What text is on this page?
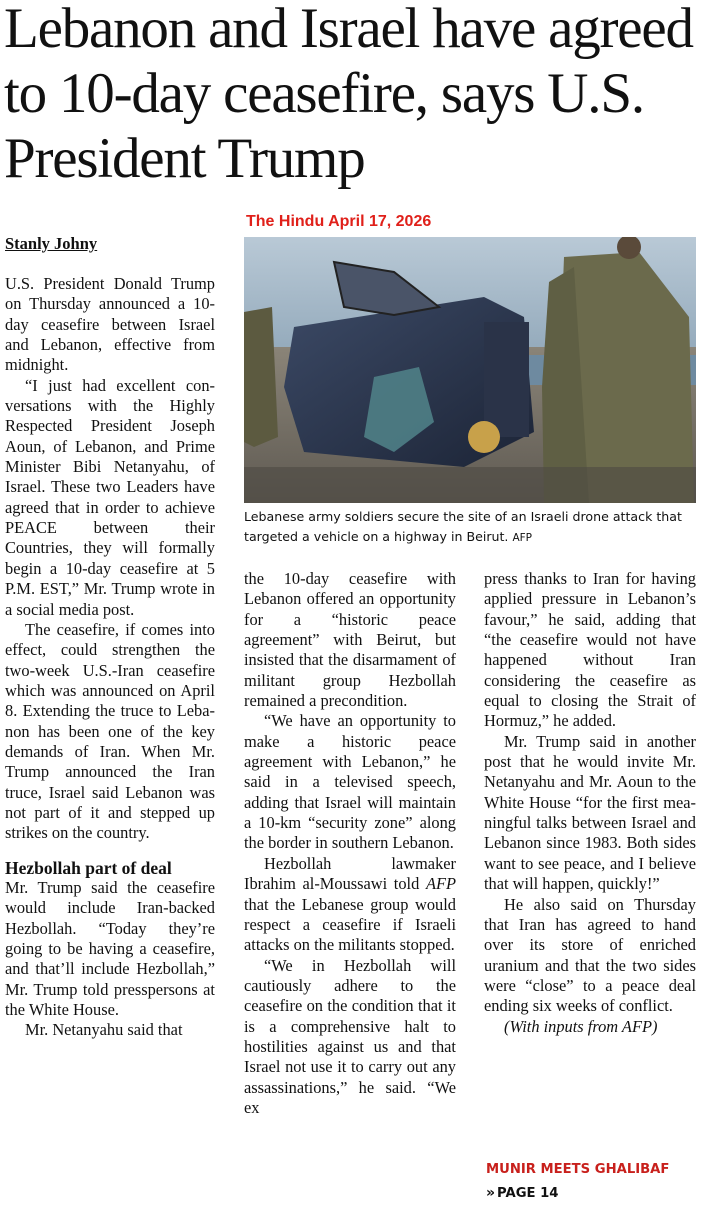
Lebanon and Israel have agreed to 10-day ceasefire, says U.S. President Trump

The Hindu April 17, 2026

Stanly Johny

U.S. President Donald Trump on Thursday announced a 10-day ceasefire between Israel and Lebanon, effective from midnight.

“I just had excellent conversations with the Highly Respected President Joseph Aoun, of Lebanon, and Prime Minister Bibi Netanyahu, of Israel. These two Leaders have agreed that in order to achieve PEACE between their Countries, they will formally begin a 10-day ceasefire at 5 P.M. EST,” Mr. Trump wrote in a social media post.

The ceasefire, if comes into effect, could strengthen the two-week U.S.-Iran ceasefire which was announced on April 8. Extending the truce to Lebanon has been one of the key demands of Iran. When Mr. Trump announced the Iran truce, Israel said Lebanon was not part of it and stepped up strikes on the country.

Hezbollah part of deal

Mr. Trump said the ceasefire would include Iran-backed Hezbollah. “Today they’re going to be having a ceasefire, and that’ll include Hezbollah,” Mr. Trump told presspersons at the White House.

Mr. Netanyahu said that

Lebanese army soldiers secure the site of an Israeli drone attack that targeted a vehicle on a highway in Beirut. AFP

the 10-day ceasefire with Lebanon offered an opportunity for a “historic peace agreement” with Beirut, but insisted that the disarmament of militant group Hezbollah remained a precondition.

“We have an opportunity to make a historic peace agreement with Lebanon,” he said in a televised speech, adding that Israel will maintain a 10-km “security zone” along the border in southern Lebanon.

Hezbollah lawmaker Ibrahim al-Moussawi told AFP that the Lebanese group would respect a ceasefire if Israeli attacks on the militants stopped.

“We in Hezbollah will cautiously adhere to the ceasefire on the condition that it is a comprehensive halt to hostilities against us and that Israel not use it to carry out any assassinations,” he said. “We ex

press thanks to Iran for having applied pressure in Lebanon’s favour,” he said, adding that “the ceasefire would not have happened without Iran considering the ceasefire as equal to closing the Strait of Hormuz,” he added.

Mr. Trump said in another post that he would invite Mr. Netanyahu and Mr. Aoun to the White House “for the first meaningful talks between Israel and Lebanon since 1983. Both sides want to see peace, and I believe that will happen, quickly!”

He also said on Thursday that Iran has agreed to hand over its store of enriched uranium and that the two sides were “close” to a peace deal ending six weeks of conflict.

(With inputs from AFP)

MUNIR MEETS GHALIBAF

» PAGE 14
